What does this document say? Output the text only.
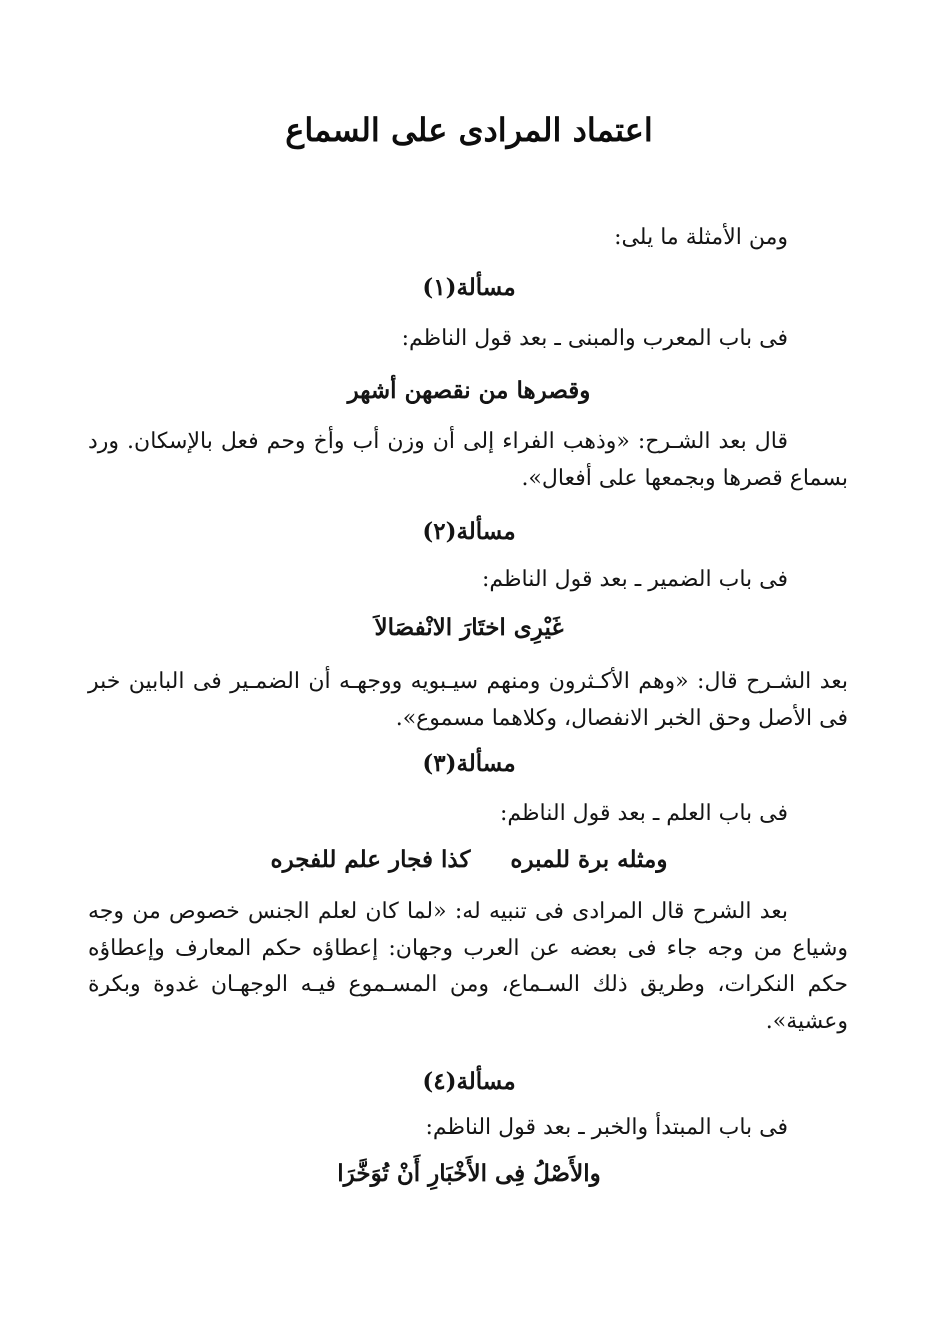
اعتماد المرادى على السماع
ومن الأمثلة ما يلى:
مسألة(١)
فى باب المعرب والمبنى ـ بعد قول الناظم:
وقصرها من نقصهن أشهر
قال بعد الشـرح: «وذهب الفراء إلى أن وزن أب وأخ وحم فعل بالإسكان. ورد بسماع قصرها وبجمعها على أفعال».
مسألة(٢)
فى باب الضمير ـ بعد قول الناظم:
غَيْرِى اختَارَ الانْفصَالاَ
بعد الشـرح قال: «وهم الأكـثرون ومنهم سيـبويه ووجهـه أن الضمـير فى البابين خبر فى الأصل وحق الخبر الانفصال، وكلاهما مسموع».
مسألة(٣)
فى باب العلم ـ بعد قول الناظم:
ومثله برة للمبرهكذا فجار علم للفجره
بعد الشرح قال المرادى فى تنبيه له: «لما كان لعلم الجنس خصوص من وجه وشياع من وجه جاء فى بعضه عن العرب وجهان: إعطاؤه حكم المعارف وإعطاؤه حكم النكرات، وطريق ذلك السـماع، ومن المسـموع فيـه الوجهـان غدوة وبكرة وعشية».
مسألة(٤)
فى باب المبتدأ والخبر ـ بعد قول الناظم:
والأَصْلُ فِى الأَخْبَارِ أَنْ تُوَخَّرَا
